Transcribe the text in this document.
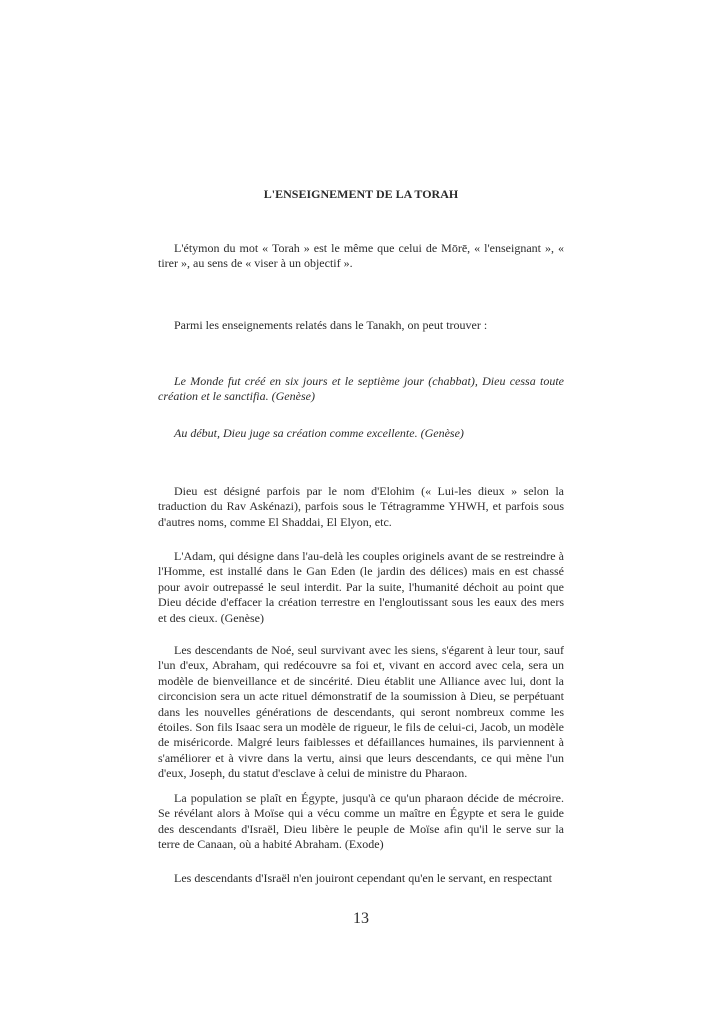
L'ENSEIGNEMENT DE LA TORAH

L'étymon du mot « Torah » est le même que celui de Mōrē, « l'enseignant », « tirer », au sens de « viser à un objectif ».

Parmi les enseignements relatés dans le Tanakh, on peut trouver :

Le Monde fut créé en six jours et le septième jour (chabbat), Dieu cessa toute création et le sanctifia. (Genèse)

Au début, Dieu juge sa création comme excellente. (Genèse)

Dieu est désigné parfois par le nom d'Elohim (« Lui-les dieux » selon la traduction du Rav Askénazi), parfois sous le Tétragramme YHWH, et parfois sous d'autres noms, comme El Shaddai, El Elyon, etc.

L'Adam, qui désigne dans l'au-delà les couples originels avant de se restreindre à l'Homme, est installé dans le Gan Eden (le jardin des délices) mais en est chassé pour avoir outrepassé le seul interdit. Par la suite, l'humanité déchoit au point que Dieu décide d'effacer la création terrestre en l'engloutissant sous les eaux des mers et des cieux. (Genèse)

Les descendants de Noé, seul survivant avec les siens, s'égarent à leur tour, sauf l'un d'eux, Abraham, qui redécouvre sa foi et, vivant en accord avec cela, sera un modèle de bienveillance et de sincérité. Dieu établit une Alliance avec lui, dont la circoncision sera un acte rituel démonstratif de la soumission à Dieu, se perpétuant dans les nouvelles générations de descendants, qui seront nombreux comme les étoiles. Son fils Isaac sera un modèle de rigueur, le fils de celui-ci, Jacob, un modèle de miséricorde. Malgré leurs faiblesses et défaillances humaines, ils parviennent à s'améliorer et à vivre dans la vertu, ainsi que leurs descendants, ce qui mène l'un d'eux, Joseph, du statut d'esclave à celui de ministre du Pharaon.

La population se plaît en Égypte, jusqu'à ce qu'un pharaon décide de mécroire. Se révélant alors à Moïse qui a vécu comme un maître en Égypte et sera le guide des descendants d'Israël, Dieu libère le peuple de Moïse afin qu'il le serve sur la terre de Canaan, où a habité Abraham. (Exode)

Les descendants d'Israël n'en jouiront cependant qu'en le servant, en respectant

13
